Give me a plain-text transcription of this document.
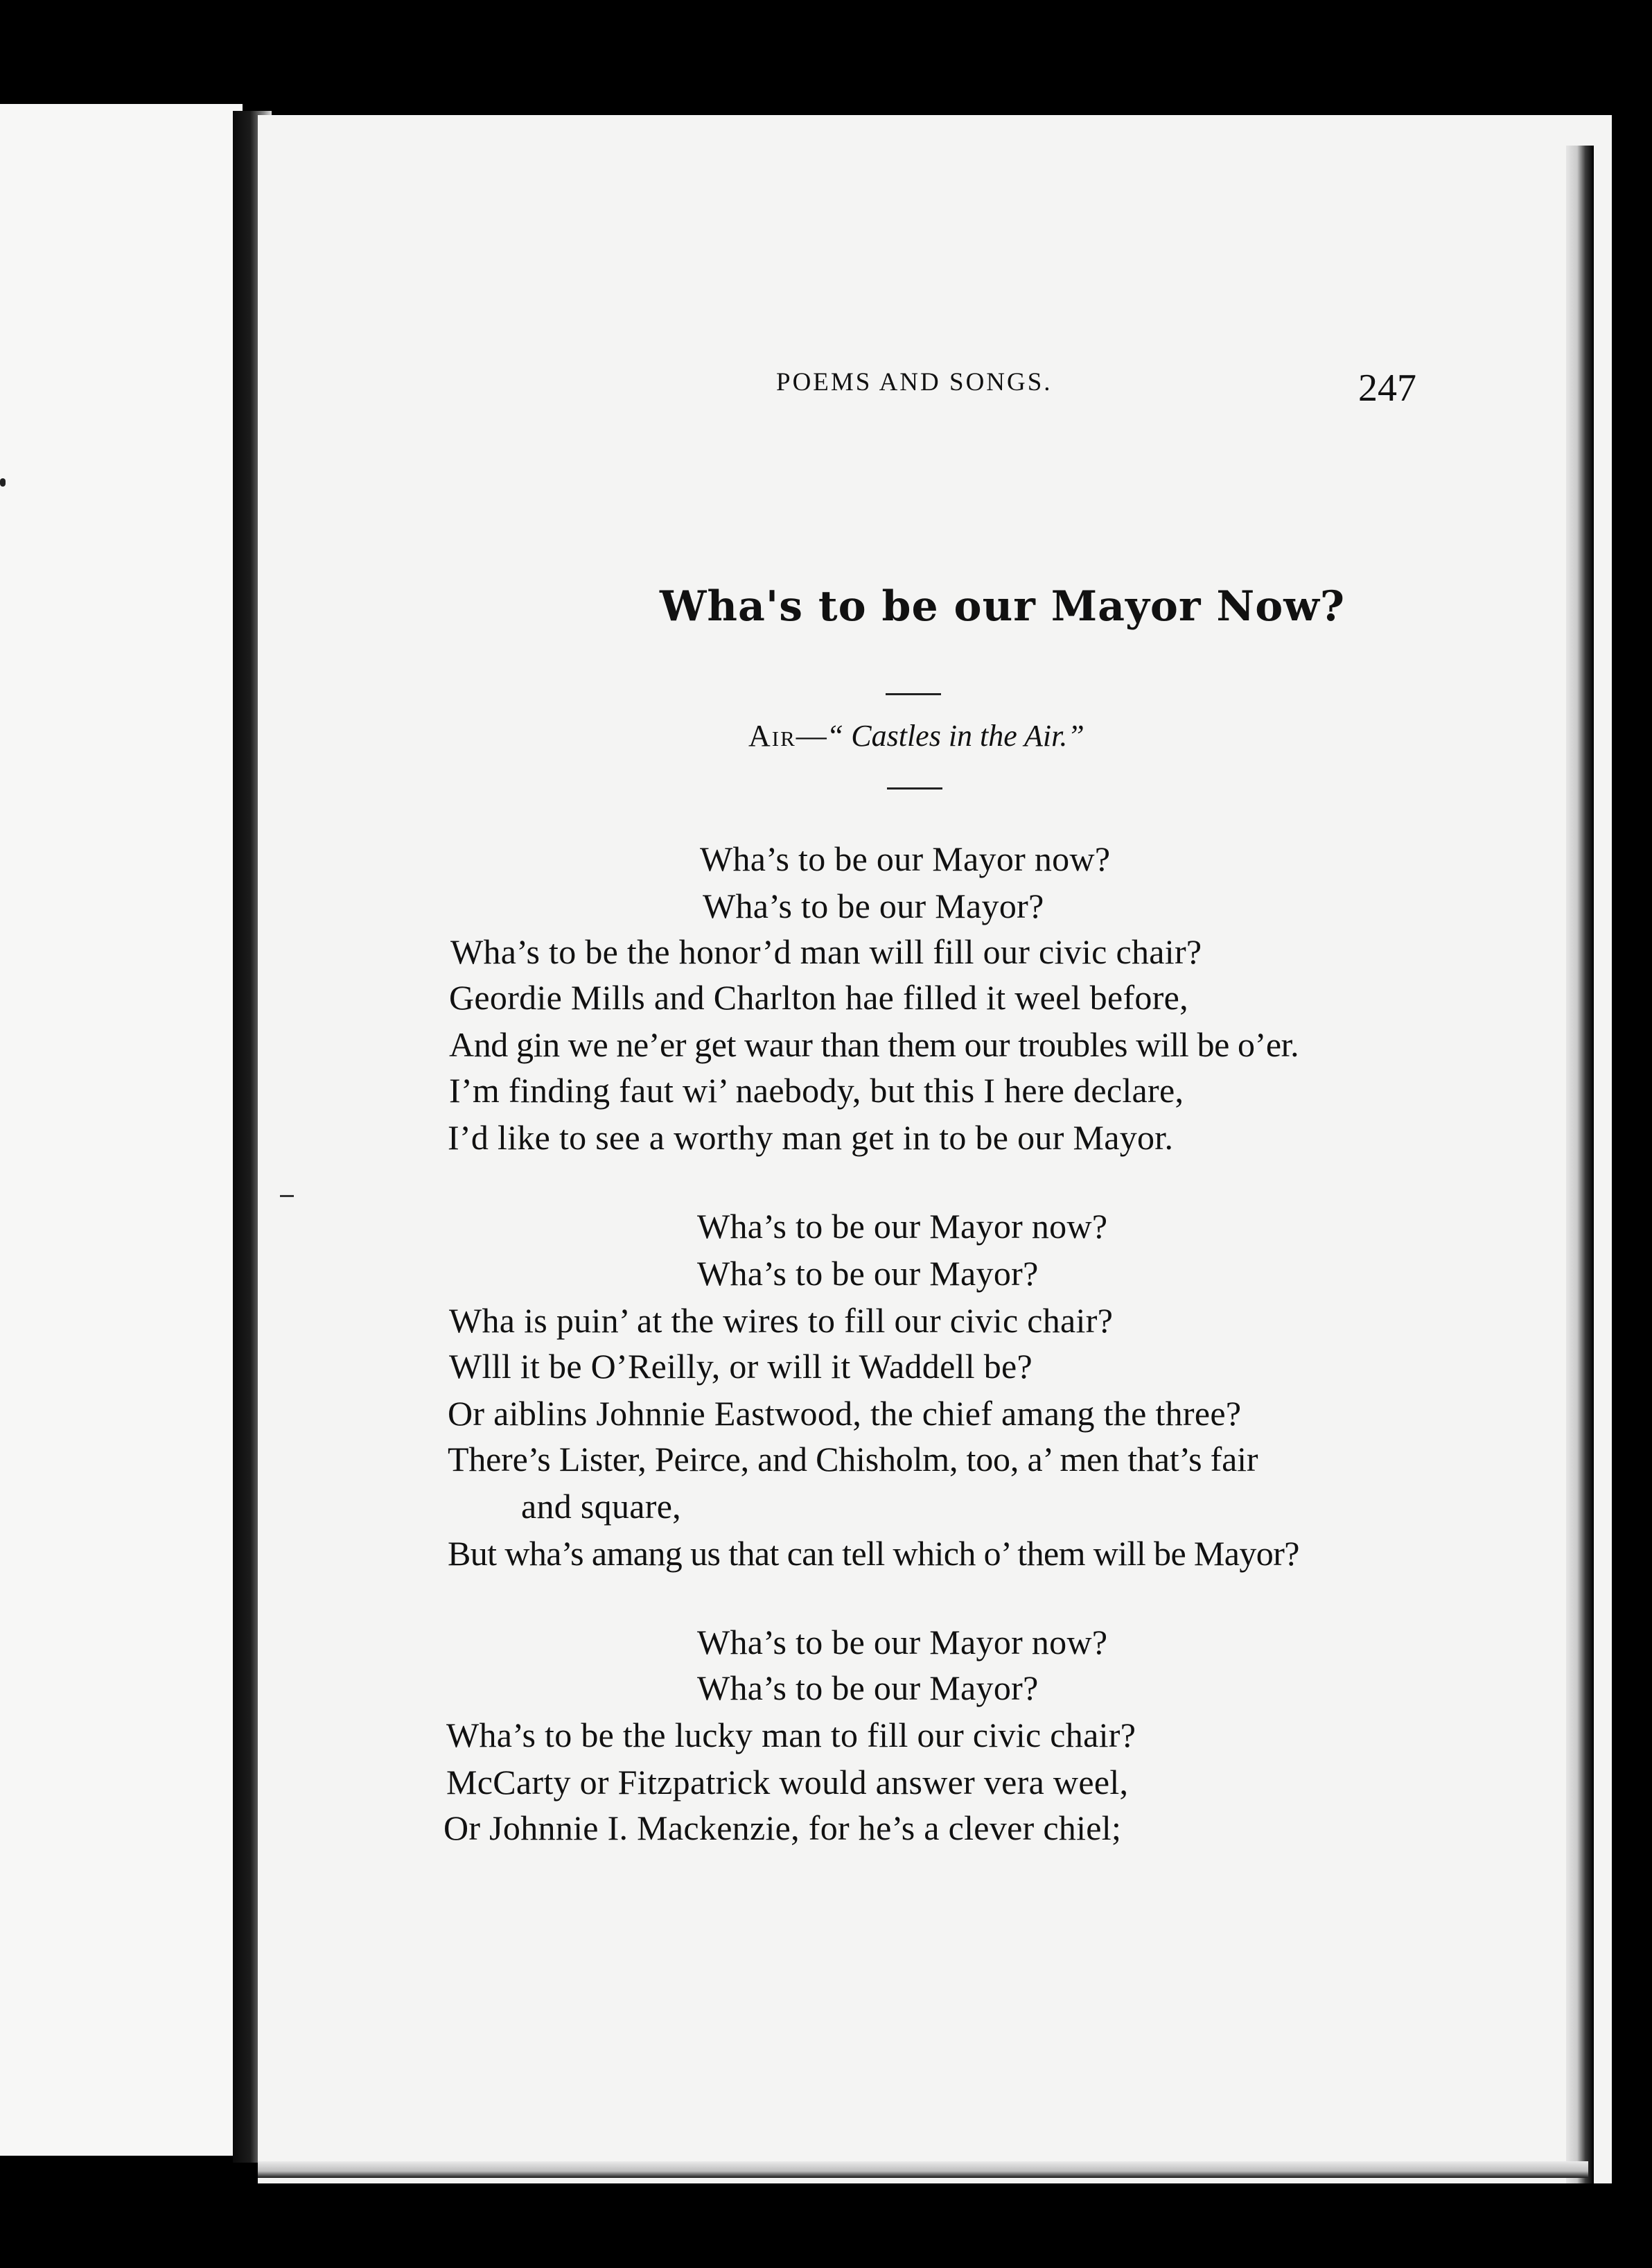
POEMS AND SONGS.	247
Wha's to be our Mayor Now?
Air—“ Castles in the Air.”
Wha’s to be our Mayor now?
Wha’s to be our Mayor?
Wha’s to be the honor’d man will fill our civic chair?
Geordie Mills and Charlton hae filled it weel before,
And gin we ne’er get waur than them our troubles will be o’er.
I’m finding faut wi’ naebody, but this I here declare,
I’d like to see a worthy man get in to be our Mayor.
Wha’s to be our Mayor now?
Wha’s to be our Mayor?
Wha is puin’ at the wires to fill our civic chair?
Wlll it be O’Reilly, or will it Waddell be?
Or aiblins Johnnie Eastwood, the chief amang the three?
There’s Lister, Peirce, and Chisholm, too, a’ men that’s fair
and square,
But wha’s amang us that can tell which o’ them will be Mayor?
Wha’s to be our Mayor now?
Wha’s to be our Mayor?
Wha’s to be the lucky man to fill our civic chair?
McCarty or Fitzpatrick would answer vera weel,
Or Johnnie I. Mackenzie, for he’s a clever chiel;
